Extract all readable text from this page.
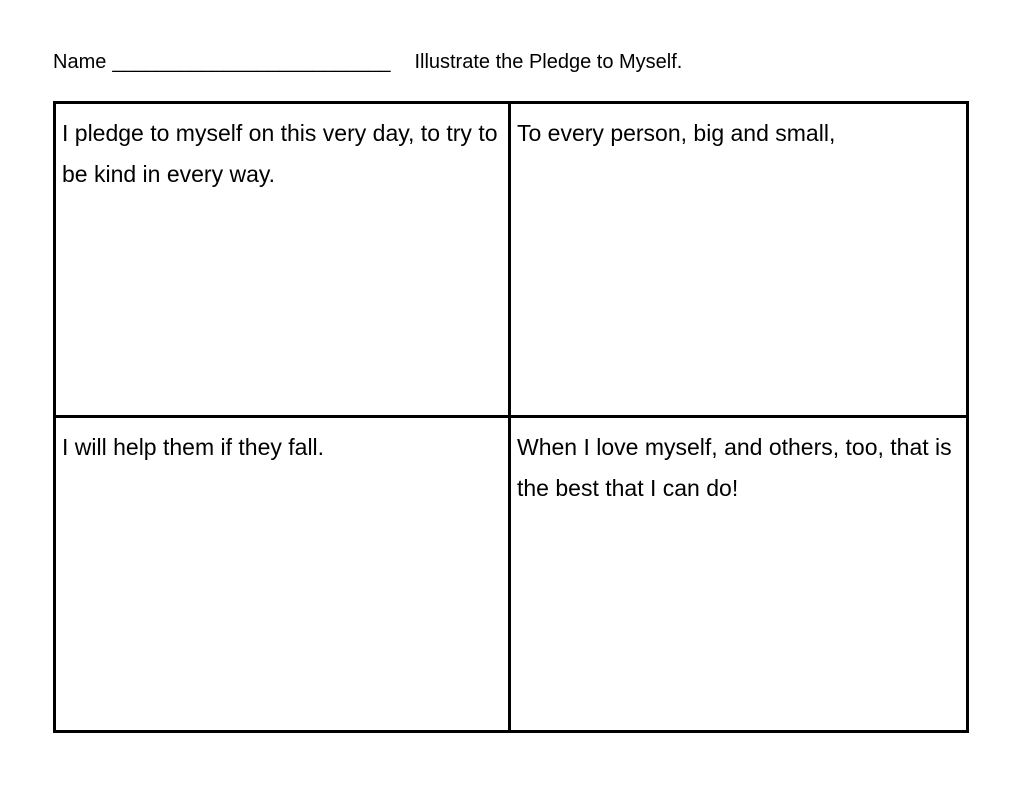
Name _________________________ Illustrate the Pledge to Myself.
I pledge to myself on this very day, to try to be kind in every way.
To every person, big and small,
I will help them if they fall.	When I love myself, and others, too, that is the best that I can do!
